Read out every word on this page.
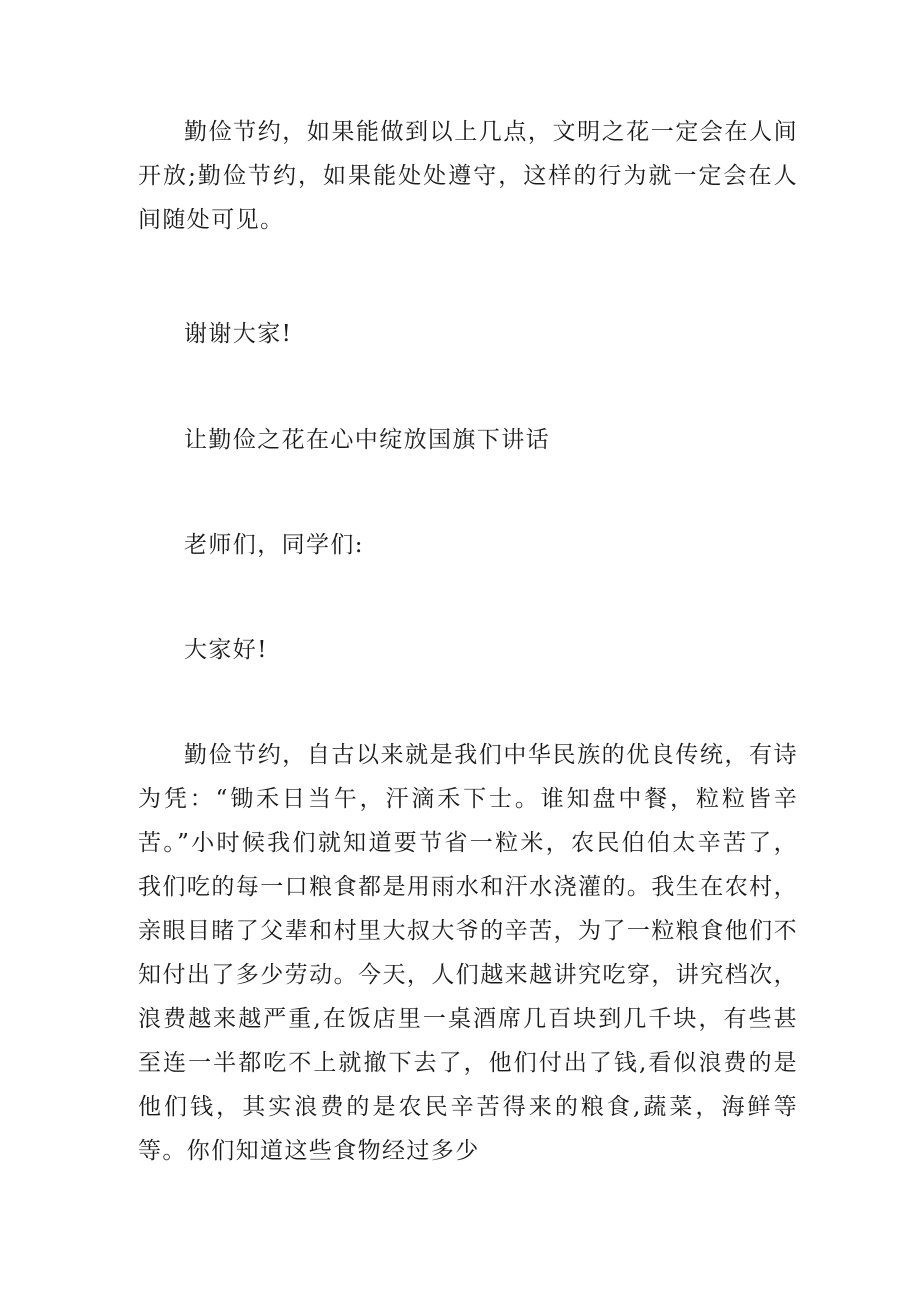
勤俭节约，如果能做到以上几点，文明之花一定会在人间开放;勤俭节约，如果能处处遵守，这样的行为就一定会在人间随处可见。

谢谢大家!

让勤俭之花在心中绽放国旗下讲话

老师们，同学们:

大家好!

勤俭节约，自古以来就是我们中华民族的优良传统，有诗为凭：“锄禾日当午，汗滴禾下士。谁知盘中餐，粒粒皆辛苦。”小时候我们就知道要节省一粒米，农民伯伯太辛苦了，我们吃的每一口粮食都是用雨水和汗水浇灌的。我生在农村，亲眼目睹了父辈和村里大叔大爷的辛苦，为了一粒粮食他们不知付出了多少劳动。今天，人们越来越讲究吃穿，讲究档次，浪费越来越严重,在饭店里一桌酒席几百块到几千块，有些甚至连一半都吃不上就撤下去了，他们付出了钱,看似浪费的是他们钱，其实浪费的是农民辛苦得来的粮食,蔬菜，海鲜等等。你们知道这些食物经过多少
